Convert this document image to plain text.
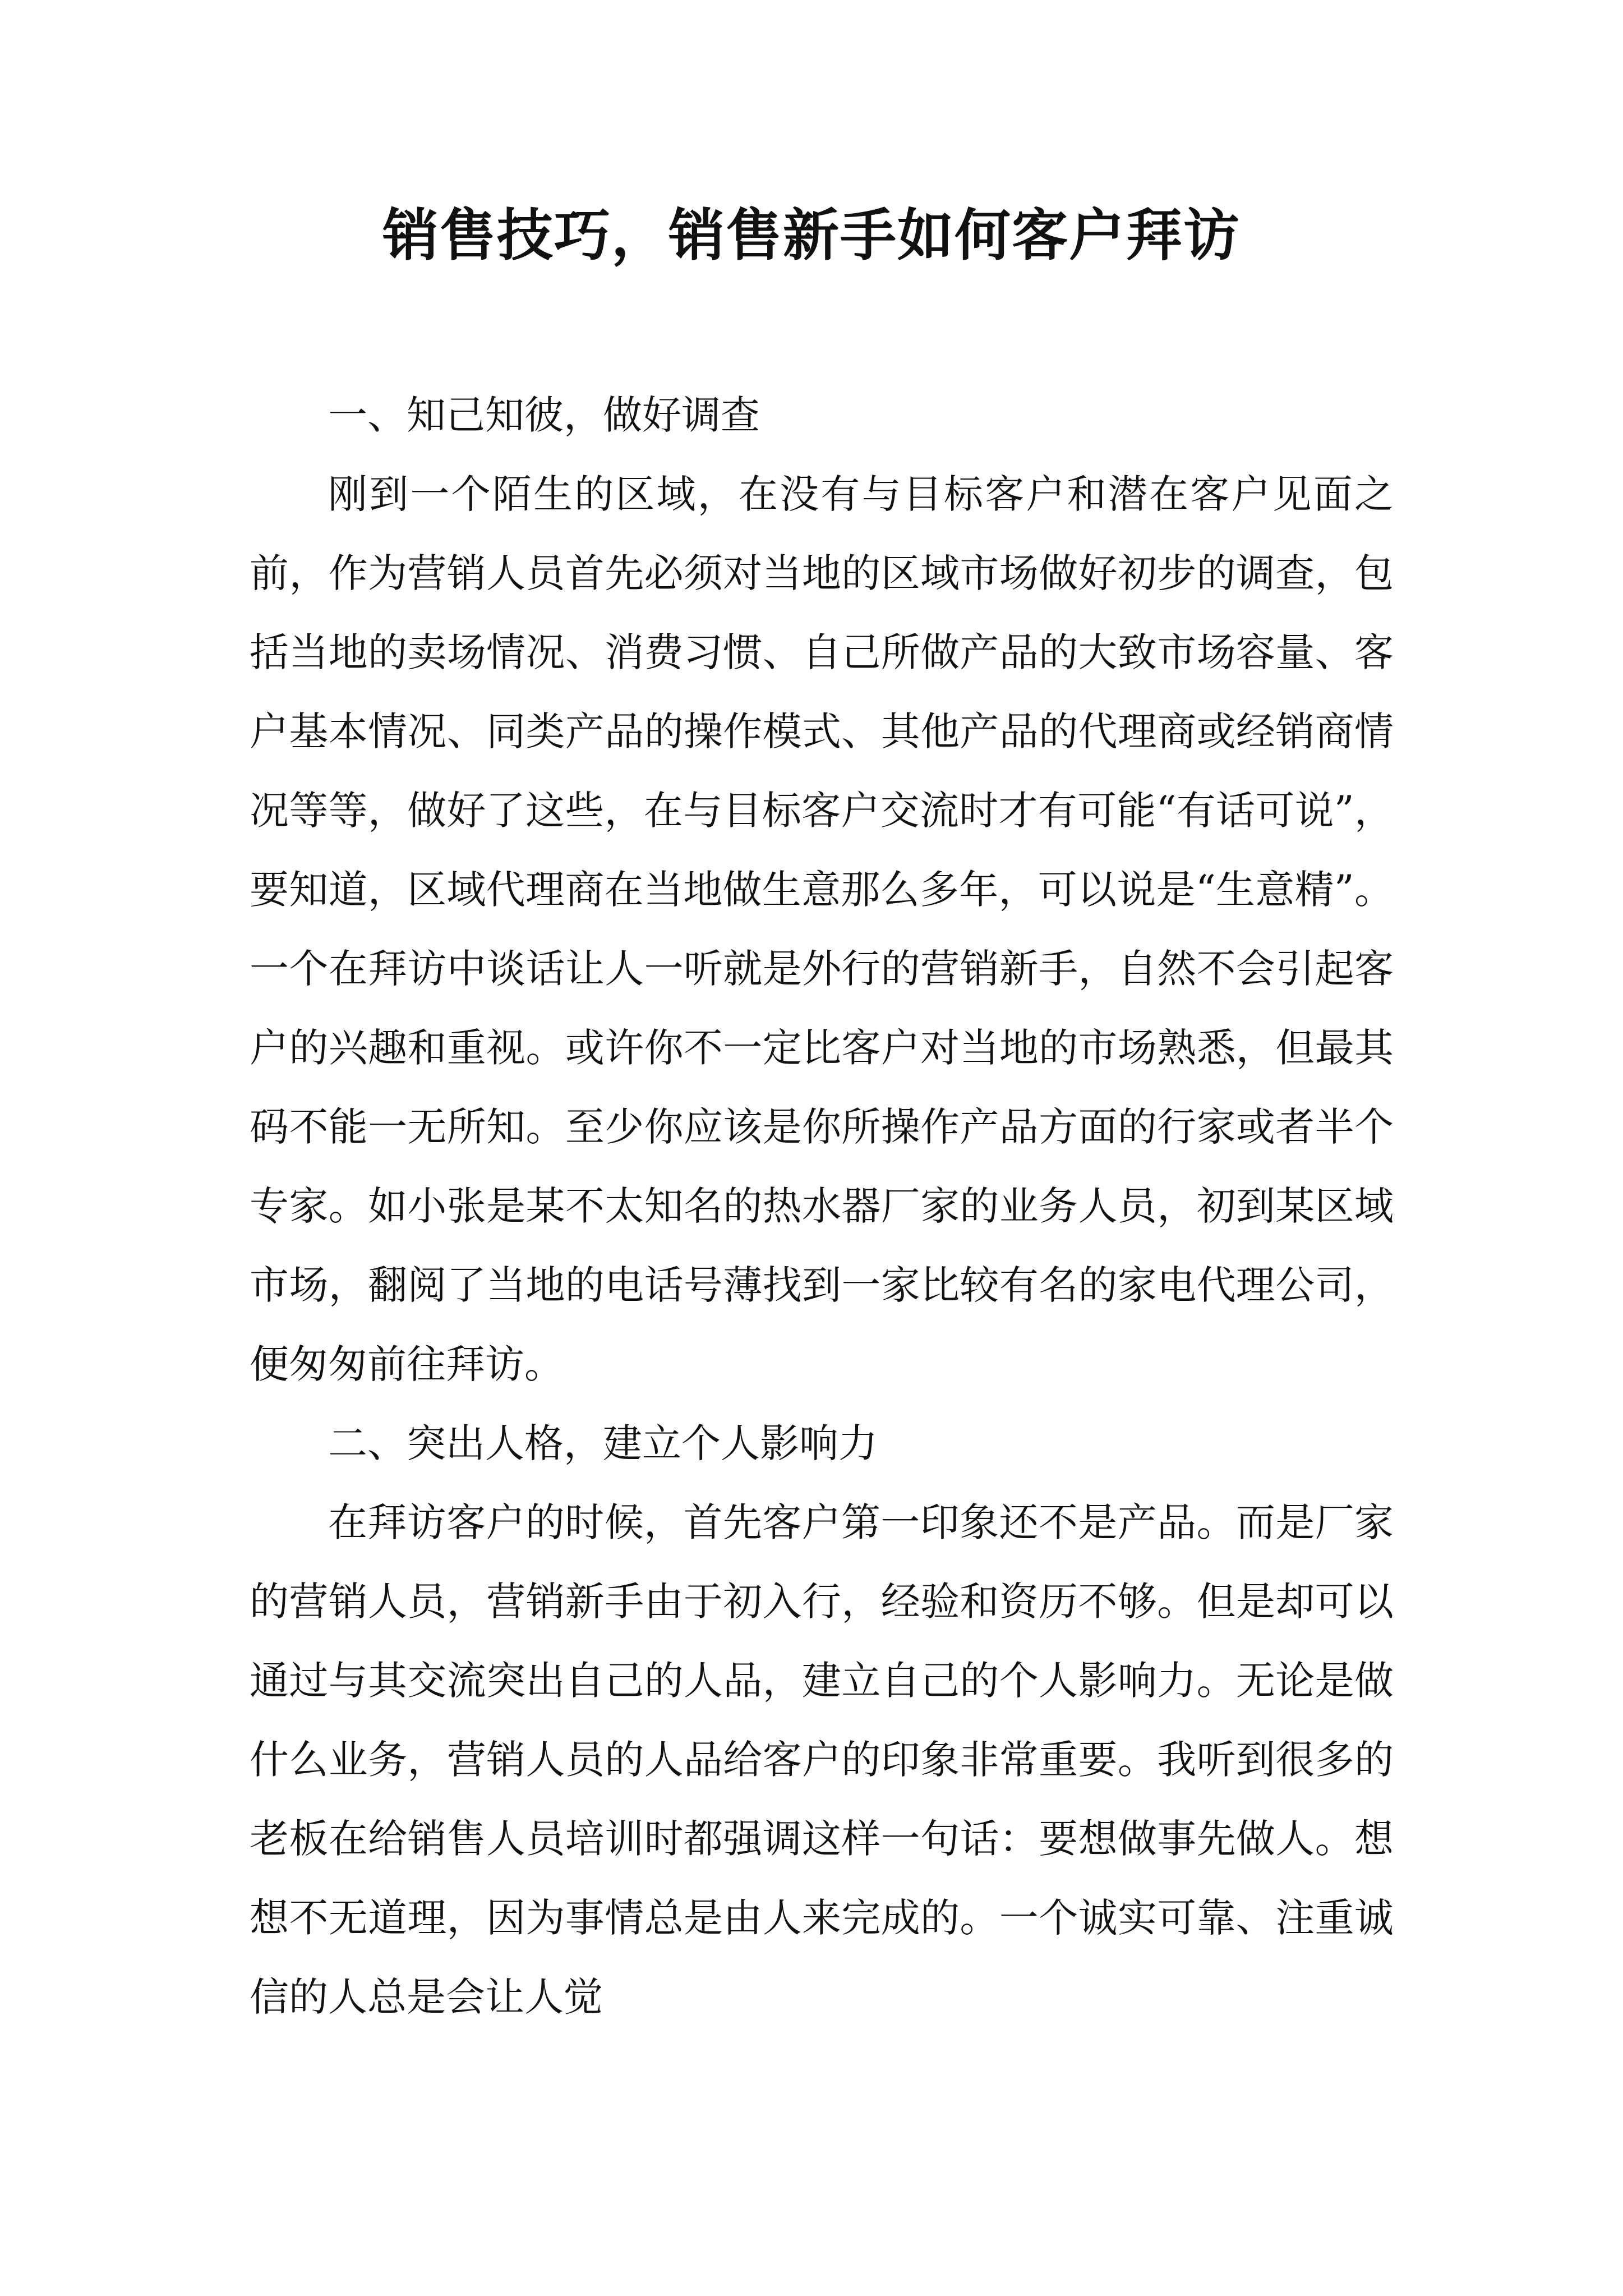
销售技巧，销售新手如何客户拜访

一、知己知彼，做好调查

刚到一个陌生的区域，在没有与目标客户和潜在客户见面之前，作为营销人员首先必须对当地的区域市场做好初步的调查，包括当地的卖场情况、消费习惯、自己所做产品的大致市场容量、客户基本情况、同类产品的操作模式、其他产品的代理商或经销商情况等等，做好了这些，在与目标客户交流时才有可能“有话可说”，要知道，区域代理商在当地做生意那么多年，可以说是“生意精”。一个在拜访中谈话让人一听就是外行的营销新手，自然不会引起客户的兴趣和重视。或许你不一定比客户对当地的市场熟悉，但最其码不能一无所知。至少你应该是你所操作产品方面的行家或者半个专家。如小张是某不太知名的热水器厂家的业务人员，初到某区域市场，翻阅了当地的电话号薄找到一家比较有名的家电代理公司，便匆匆前往拜访。

二、突出人格，建立个人影响力

在拜访客户的时候，首先客户第一印象还不是产品。而是厂家的营销人员，营销新手由于初入行，经验和资历不够。但是却可以通过与其交流突出自己的人品，建立自己的个人影响力。无论是做什么业务，营销人员的人品给客户的印象非常重要。我听到很多的老板在给销售人员培训时都强调这样一句话：要想做事先做人。想想不无道理，因为事情总是由人来完成的。一个诚实可靠、注重诚信的人总是会让人觉
